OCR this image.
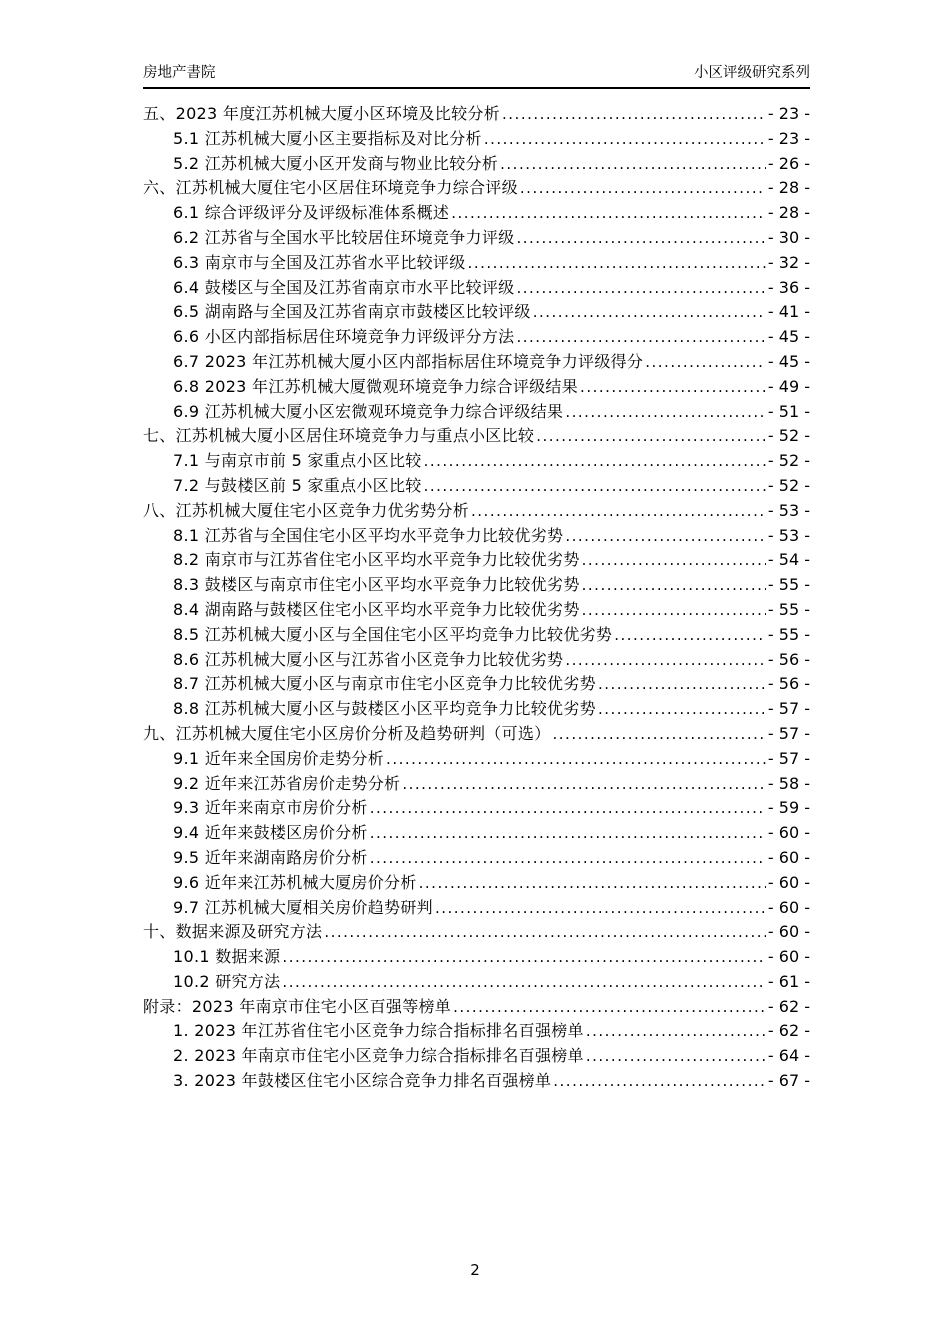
房地产書院	小区评级研究系列
五、2023 年度江苏机械大厦小区环境及比较分析 .....	- 23 -
5.1 江苏机械大厦小区主要指标及对比分析 .....	- 23 -
5.2 江苏机械大厦小区开发商与物业比较分析 .....	- 26 -
六、江苏机械大厦住宅小区居住环境竞争力综合评级 .....	- 28 -
6.1 综合评级评分及评级标准体系概述 .....	- 28 -
6.2 江苏省与全国水平比较居住环境竞争力评级 .....	- 30 -
6.3 南京市与全国及江苏省水平比较评级 .....	- 32 -
6.4 鼓楼区与全国及江苏省南京市水平比较评级 .....	- 36 -
6.5 湖南路与全国及江苏省南京市鼓楼区比较评级 .....	- 41 -
6.6 小区内部指标居住环境竞争力评级评分方法 .....	- 45 -
6.7 2023 年江苏机械大厦小区内部指标居住环境竞争力评级得分 .....	- 45 -
6.8 2023 年江苏机械大厦微观环境竞争力综合评级结果 .....	- 49 -
6.9 江苏机械大厦小区宏微观环境竞争力综合评级结果 .....	- 51 -
七、江苏机械大厦小区居住环境竞争力与重点小区比较 .....	- 52 -
7.1 与南京市前 5 家重点小区比较 .....	- 52 -
7.2 与鼓楼区前 5 家重点小区比较 .....	- 52 -
八、江苏机械大厦住宅小区竞争力优劣势分析 .....	- 53 -
8.1 江苏省与全国住宅小区平均水平竞争力比较优劣势 .....	- 53 -
8.2 南京市与江苏省住宅小区平均水平竞争力比较优劣势 .....	- 54 -
8.3 鼓楼区与南京市住宅小区平均水平竞争力比较优劣势 .....	- 55 -
8.4 湖南路与鼓楼区住宅小区平均水平竞争力比较优劣势 .....	- 55 -
8.5 江苏机械大厦小区与全国住宅小区平均竞争力比较优劣势 .....	- 55 -
8.6 江苏机械大厦小区与江苏省小区竞争力比较优劣势 .....	- 56 -
8.7 江苏机械大厦小区与南京市住宅小区竞争力比较优劣势 .....	- 56 -
8.8 江苏机械大厦小区与鼓楼区小区平均竞争力比较优劣势 .....	- 57 -
九、江苏机械大厦住宅小区房价分析及趋势研判（可选） .....	- 57 -
9.1 近年来全国房价走势分析 .....	- 57 -
9.2 近年来江苏省房价走势分析 .....	- 58 -
9.3 近年来南京市房价分析 .....	- 59 -
9.4 近年来鼓楼区房价分析 .....	- 60 -
9.5 近年来湖南路房价分析 .....	- 60 -
9.6 近年来江苏机械大厦房价分析 .....	- 60 -
9.7 江苏机械大厦相关房价趋势研判 .....	- 60 -
十、数据来源及研究方法 .....	- 60 -
10.1 数据来源 .....	- 60 -
10.2 研究方法 .....	- 61 -
附录：2023 年南京市住宅小区百强等榜单 .....	- 62 -
1. 2023 年江苏省住宅小区竞争力综合指标排名百强榜单 .....	- 62 -
2. 2023 年南京市住宅小区竞争力综合指标排名百强榜单 .....	- 64 -
3. 2023 年鼓楼区住宅小区综合竞争力排名百强榜单 .....	- 67 -
2
